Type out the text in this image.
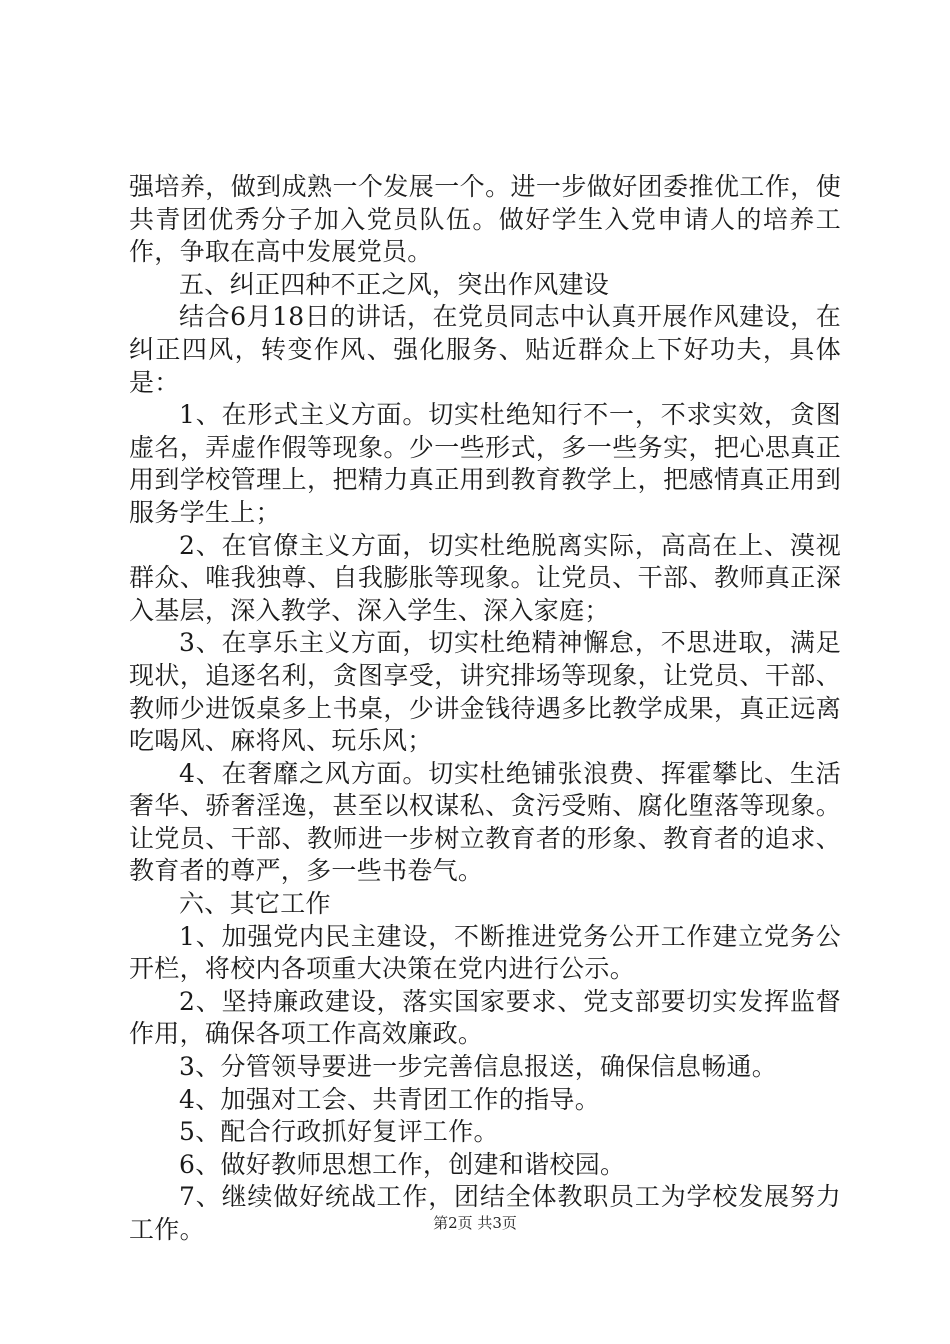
强培养，做到成熟一个发展一个。进一步做好团委推优工作，使共青团优秀分子加入党员队伍。做好学生入党申请人的培养工作，争取在高中发展党员。

五、纠正四种不正之风，突出作风建设

结合6月18日的讲话，在党员同志中认真开展作风建设，在纠正四风，转变作风、强化服务、贴近群众上下好功夫，具体是：

1、在形式主义方面。切实杜绝知行不一，不求实效，贪图虚名，弄虚作假等现象。少一些形式，多一些务实，把心思真正用到学校管理上，把精力真正用到教育教学上，把感情真正用到服务学生上；

2、在官僚主义方面，切实杜绝脱离实际，高高在上、漠视群众、唯我独尊、自我膨胀等现象。让党员、干部、教师真正深入基层，深入教学、深入学生、深入家庭；

3、在享乐主义方面，切实杜绝精神懈怠，不思进取，满足现状，追逐名利，贪图享受，讲究排场等现象，让党员、干部、教师少进饭桌多上书桌，少讲金钱待遇多比教学成果，真正远离吃喝风、麻将风、玩乐风；

4、在奢靡之风方面。切实杜绝铺张浪费、挥霍攀比、生活奢华、骄奢淫逸，甚至以权谋私、贪污受贿、腐化堕落等现象。让党员、干部、教师进一步树立教育者的形象、教育者的追求、教育者的尊严，多一些书卷气。

六、其它工作

1、加强党内民主建设，不断推进党务公开工作建立党务公开栏，将校内各项重大决策在党内进行公示。

2、坚持廉政建设，落实国家要求、党支部要切实发挥监督作用，确保各项工作高效廉政。

3、分管领导要进一步完善信息报送，确保信息畅通。

4、加强对工会、共青团工作的指导。

5、配合行政抓好复评工作。

6、做好教师思想工作，创建和谐校园。

7、继续做好统战工作，团结全体教职员工为学校发展努力工作。	第2页 共3页
